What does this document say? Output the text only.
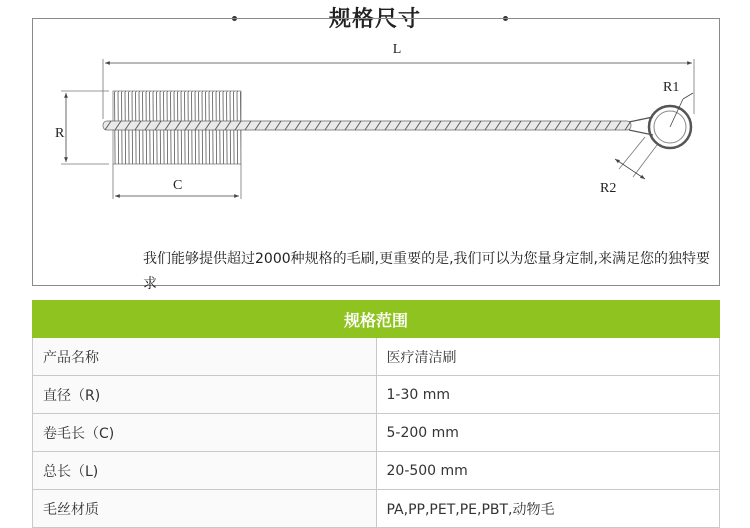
规格尺寸
L
R
C
R1
R2
我们能够提供超过2000种规格的毛刷,更重要的是,我们可以为您量身定制,来满足您的独特要求
规格范围	
产品名称	医疗清洁刷
直径（R)	1-30 mm
卷毛长（C)	5-200 mm
总长（L)	20-500 mm
毛丝材质	PA,PP,PET,PE,PBT,动物毛
